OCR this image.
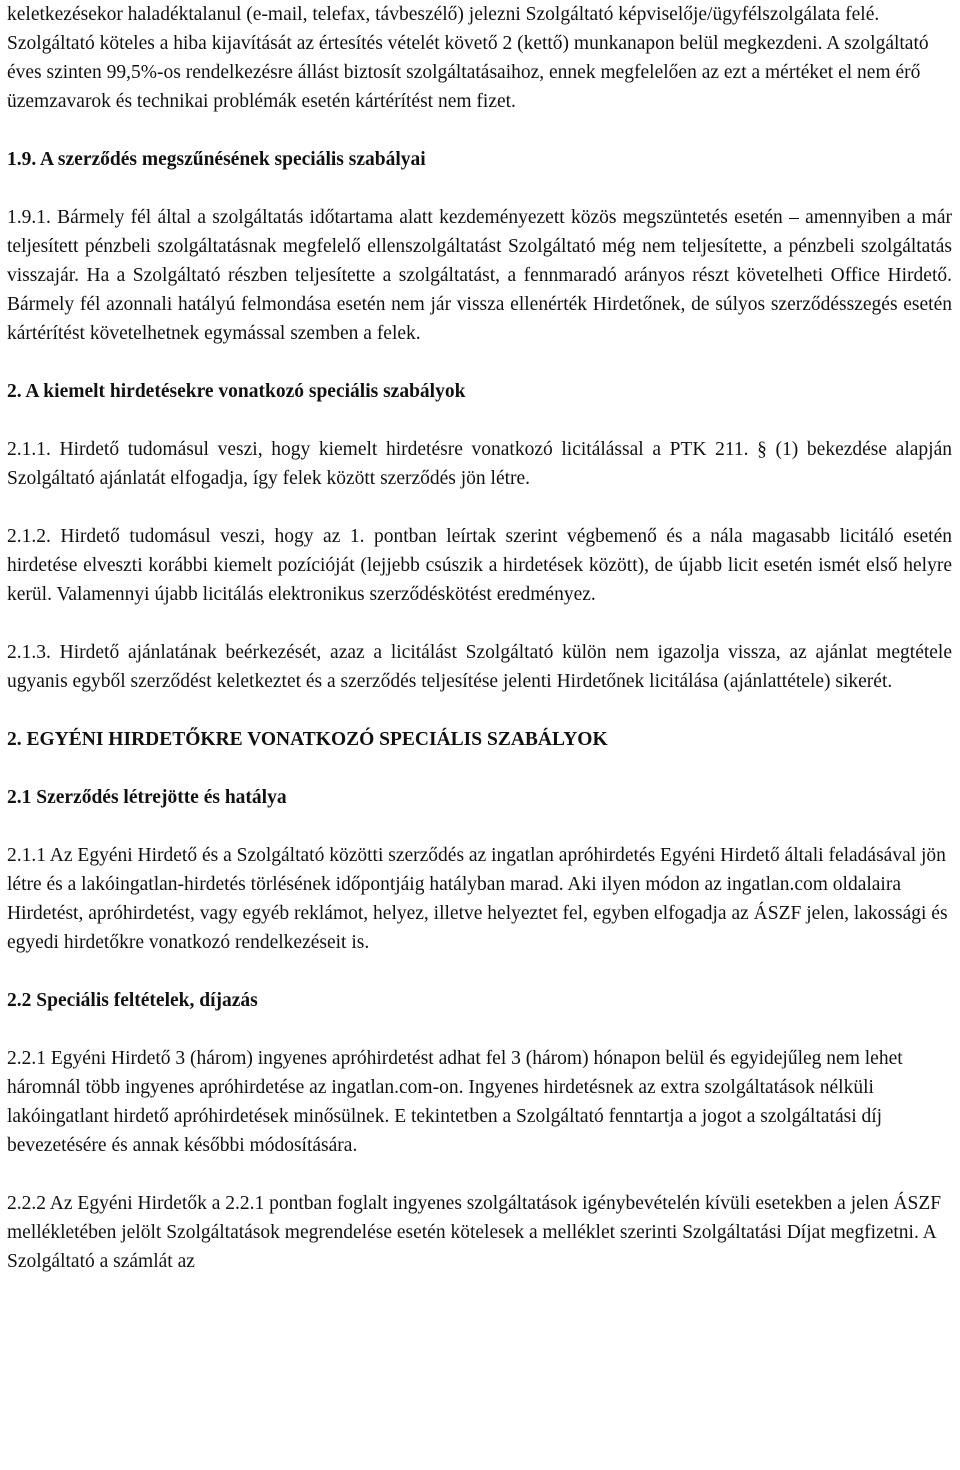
keletkezésekor haladéktalanul (e-mail, telefax, távbeszélő) jelezni Szolgáltató képviselője/ügyfélszolgálata felé. Szolgáltató köteles a hiba kijavítását az értesítés vételét követő 2 (kettő) munkanapon belül megkezdeni. A szolgáltató éves szinten 99,5%-os rendelkezésre állást biztosít szolgáltatásaihoz, ennek megfelelően az ezt a mértéket el nem érő üzemzavarok és technikai problémák esetén kártérítést nem fizet.

1.9. A szerződés megszűnésének speciális szabályai

1.9.1. Bármely fél által a szolgáltatás időtartama alatt kezdeményezett közös megszüntetés esetén – amennyiben a már teljesített pénzbeli szolgáltatásnak megfelelő ellenszolgáltatást Szolgáltató még nem teljesítette, a pénzbeli szolgáltatás visszajár. Ha a Szolgáltató részben teljesítette a szolgáltatást, a fennmaradó arányos részt követelheti Office Hirdető. Bármely fél azonnali hatályú felmondása esetén nem jár vissza ellenérték Hirdetőnek, de súlyos szerződésszegés esetén kártérítést követelhetnek egymással szemben a felek.

2. A kiemelt hirdetésekre vonatkozó speciális szabályok

2.1.1. Hirdető tudomásul veszi, hogy kiemelt hirdetésre vonatkozó licitálással a PTK 211. § (1) bekezdése alapján Szolgáltató ajánlatát elfogadja, így felek között szerződés jön létre.

2.1.2. Hirdető tudomásul veszi, hogy az 1. pontban leírtak szerint végbemenő és a nála magasabb licitáló esetén hirdetése elveszti korábbi kiemelt pozícióját (lejjebb csúszik a hirdetések között), de újabb licit esetén ismét első helyre kerül. Valamennyi újabb licitálás elektronikus szerződéskötést eredményez.

2.1.3. Hirdető ajánlatának beérkezését, azaz a licitálást Szolgáltató külön nem igazolja vissza, az ajánlat megtétele ugyanis egyből szerződést keletkeztet és a szerződés teljesítése jelenti Hirdetőnek licitálása (ajánlattétele) sikerét.

2. EGYÉNI HIRDETŐKRE VONATKOZÓ SPECIÁLIS SZABÁLYOK
2.1 Szerződés létrejötte és hatálya

2.1.1 Az Egyéni Hirdető és a Szolgáltató közötti szerződés az ingatlan apróhirdetés Egyéni Hirdető általi feladásával jön létre és a lakóingatlan-hirdetés törlésének időpontjáig hatályban marad. Aki ilyen módon az ingatlan.com oldalaira Hirdetést, apróhirdetést, vagy egyéb reklámot, helyez, illetve helyeztet fel, egyben elfogadja az ÁSZF jelen, lakossági és egyedi hirdetőkre vonatkozó rendelkezéseit is.

2.2 Speciális feltételek, díjazás

2.2.1 Egyéni Hirdető 3 (három) ingyenes apróhirdetést adhat fel 3 (három) hónapon belül és egyidejűleg nem lehet háromnál több ingyenes apróhirdetése az ingatlan.com-on. Ingyenes hirdetésnek az extra szolgáltatások nélküli lakóingatlant hirdető apróhirdetések minősülnek. E tekintetben a Szolgáltató fenntartja a jogot a szolgáltatási díj bevezetésére és annak későbbi módosítására.

2.2.2 Az Egyéni Hirdetők a 2.2.1 pontban foglalt ingyenes szolgáltatások igénybevételén kívüli esetekben a jelen ÁSZF mellékletében jelölt Szolgáltatások megrendelése esetén kötelesek a melléklet szerinti Szolgáltatási Díjat megfizetni. A Szolgáltató a számlát az
